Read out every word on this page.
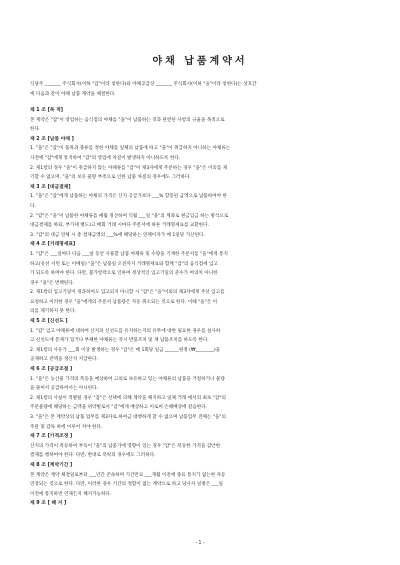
야채 납품계약서
식당주 _______ 주식회사(이하 "갑"이라 칭한다)와 야채공급상 _______ 주식회사(이하 "을"이라 칭한다)는 상호간
에 다음과 같이 야채 납품 계약을 체결한다.
제 1 조 [목 적]
본 계약은 "갑"이 영업하는 음식점의 야채를 "을"이 납품하는 것과 관련된 사항의 규율을 목적으로
한다.
제 2 조 [납품 야채 ]
1. "을"은 "갑"이 품목과 종류를 정한 야채를 일체의 납품에 따고 "을"이 취급하지 아니하는 야채류는
사전에 "갑"에게 통지하여 "갑"의 영업에 차질이 발생하지 아니하도록 한다.
2. 제1항의 경우 "을"이 취급하지 않는 야채류를 "갑"이 제3자에게 주문하는 경우 "을"은 이의를 제
기할 수 없으며, "을"의 보유 물량 부족으로 인한 납품 차질의 경우에도 그러하다.
제 3 조 [대금결제]
1. "을"은 "갑"에게 납품하는 야채의 가격은 산지 공급가보다 ___% 할증된 금액으로 납품하여야 한
다.
2. "갑"은 "을"이 납품한 야채류를 매월 정산하여 익월 ___일 "을"의 계좌로 현금입금 하는 방식으로
대금결제를 하되, 부가세 별도)고 매회 거래 시마다 주문서에 따른 거래명세표를 교환한다.
3. "갑"의 대금 연체 시 총 결제금액의 ___%에 해당하는 연체이자가 매 1일당 가산된다.
제 4 조 [거래명세표]
1. "갑"은 ___일마다 다음 ___일 동안 사용할 납품 야채류 및 수량을 기재한 주문서를 "을"에게 통지
하고(유선 서면 또는 이메일) "을"은 납품일 오전까지 거래명세표와 함께 "갑"의 음식점에 입고
가 되도록 하여야 한다. 다만, 불가항력으로 인하여 정상적인 입고기일의 준수가 여의치 아니한
경우 "을"은 면책된다.
2. 제1항의 입고기일이 경과하여도 입고되지 아니할 시 "갑"은 "을"이외의 제3자에게 주선 입고를
요청하고 이러한 경우 "을"에게의 주문서 납품량은 자동 취소되는 것으로 한다. 이때 "을"은 이
의를 제기하지 못 한다.
제 5 조 [신선도 ]
1. "갑" 입고 야채류에 대하여 산지의 신선도를 유지하는지의 유무에 대한 필요한 경우를 실사하
고 신선도에 문제가 있거나 부패한 야채류는 즉시 반품조치 및 재 납품조치를 하도록 한다.
2. 제1항의 사유가 ___회 이상 발생하는 경우 "갑"은 매 1회당 일금 ______원정 (₩________)을
공제하고 잔액을 정산지 지급한다.
제 6 조 [공급조절 ]
1. "을"은 농산물 가격의 폭등을 예상하여 고의로 보유하고 있는 야채류의 납품을 거절하거나 물량
을 줄여서 공급하여서는 아니된다.
2. 제1항의 사실이 적발될 경우 "갑"은 선택에 의해 계약을 해지하고 일체 거래 에서의 최초 "갑"의
주문물량에 해당하는 금액을 위약벌로서 "갑"에게 배상하고 이로써 손해배상에 갈음한다.
3. "을"은 본 계약상의 납품 업무를 제3자로 하여금 대행하게 할 수 없으며 납품업무 전체는 "을"의
주관 및 감독 하에 이루어 져야 한다.
제 7 조 [가격조정 ]
산지의 가격이 폭등하여 부득이 "을"의 납품가에 영향이 있는 경우 "갑"은 폭등한 가격을 감안한
결제를 행하여야 한다. 다만, 반대로 폭락의 경우에도 그러하다.
제 8 조 [계약기간 ]
본 계약은 계약 체결일로부터 ___년간 존속하며 기간만료 ___개월 이전에 종료 통지가 없는한 자동
연장되는 것으로 한다. 다만, 이러한 경우 기간의 정함이 없는 계약으로 하고 당사자 일방은 ___일
이전에 통지하면 언제든지 해지가능하다.
제 9 조 [ 해 지 ]
- 1 -
